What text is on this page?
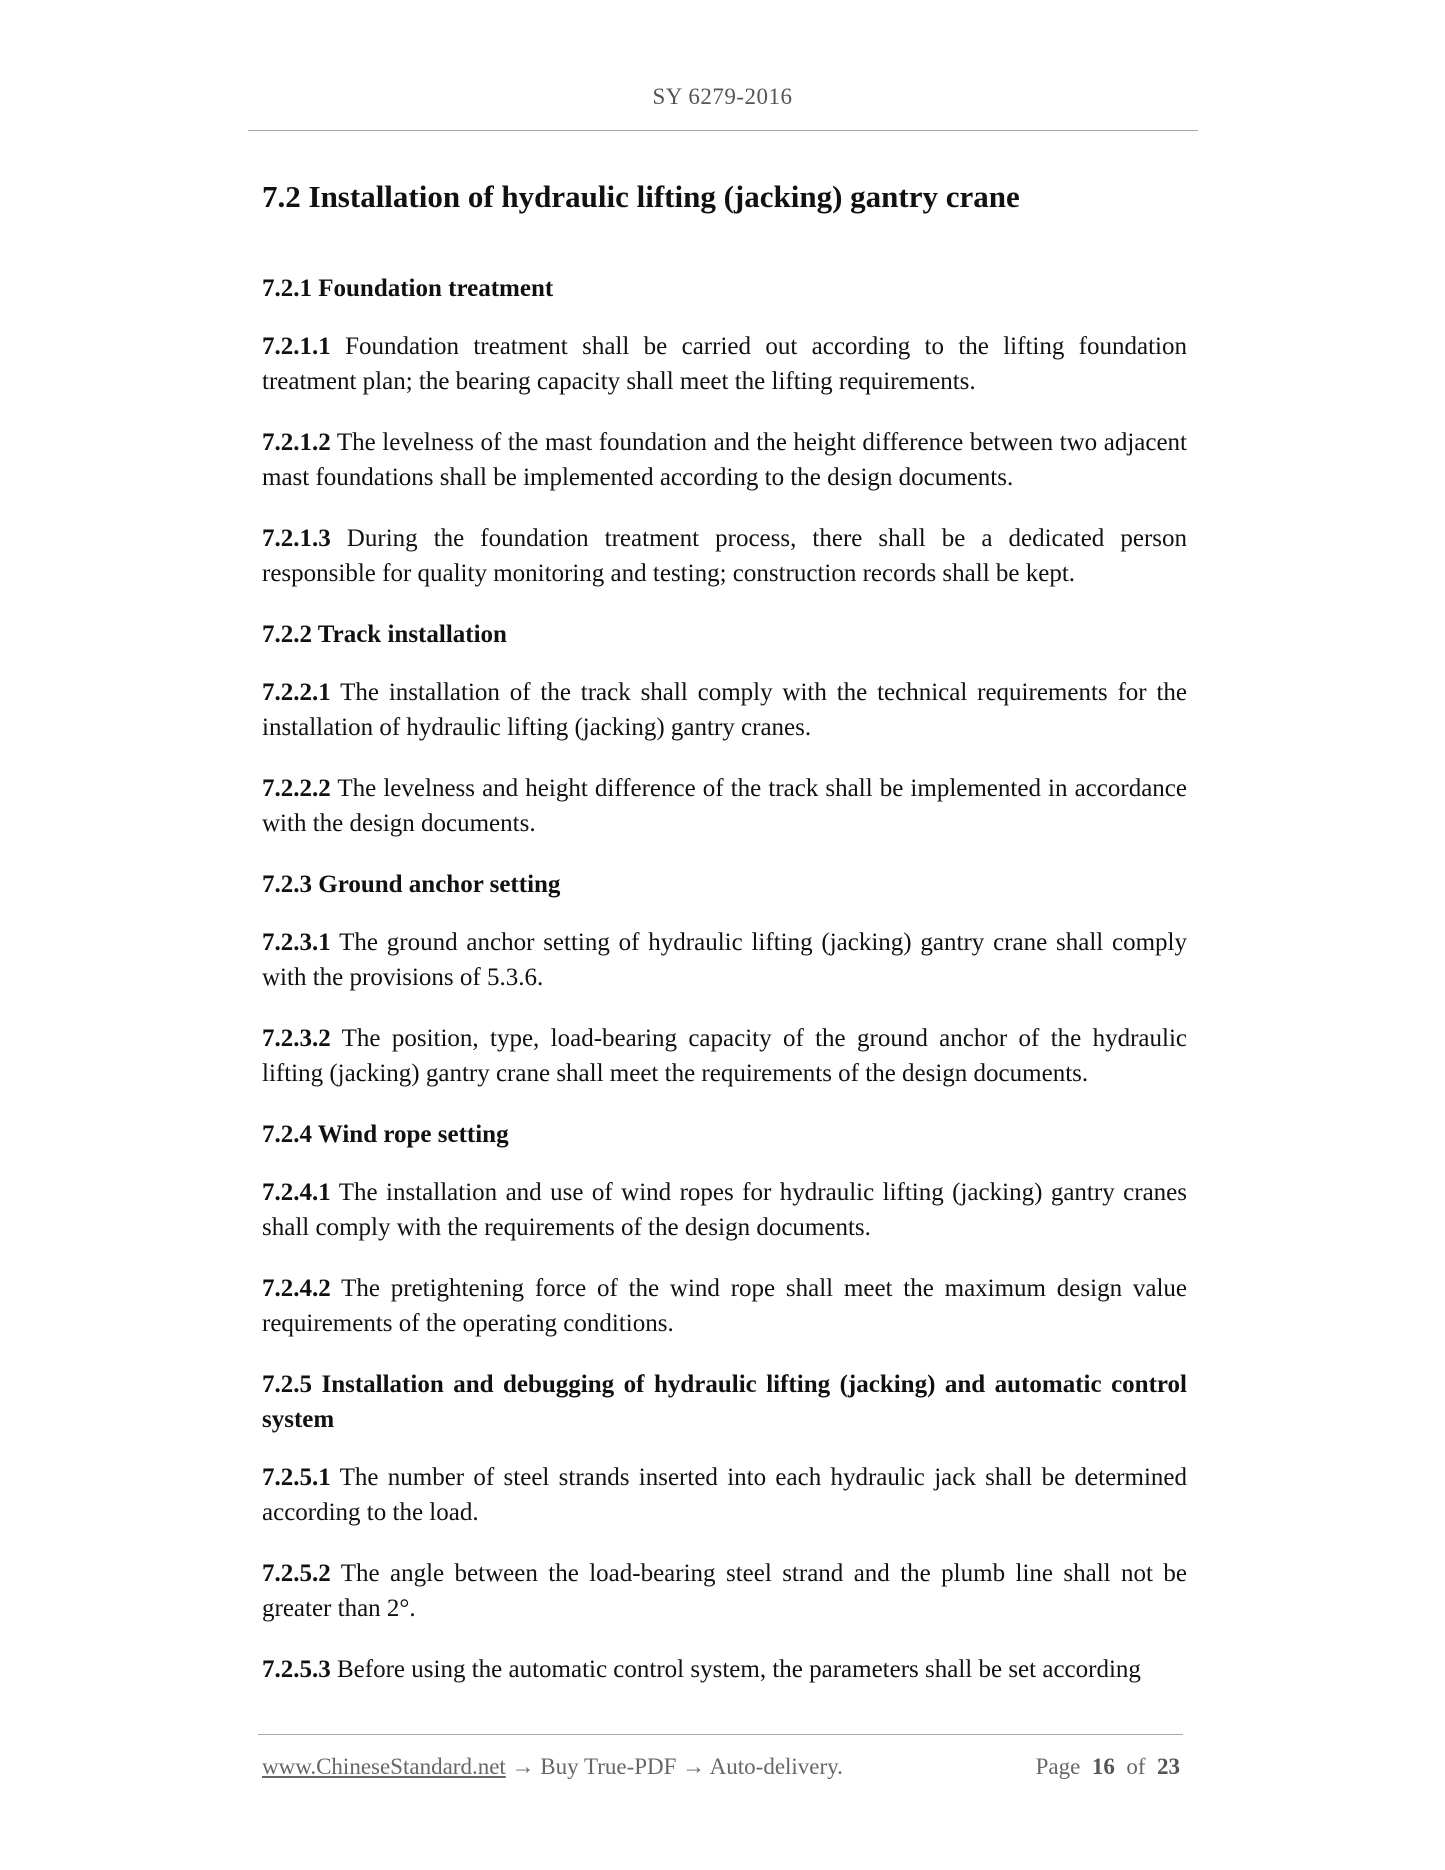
SY 6279-2016
7.2 Installation of hydraulic lifting (jacking) gantry crane
7.2.1 Foundation treatment
7.2.1.1 Foundation treatment shall be carried out according to the lifting foundation treatment plan; the bearing capacity shall meet the lifting requirements.
7.2.1.2 The levelness of the mast foundation and the height difference between two adjacent mast foundations shall be implemented according to the design documents.
7.2.1.3 During the foundation treatment process, there shall be a dedicated person responsible for quality monitoring and testing; construction records shall be kept.
7.2.2 Track installation
7.2.2.1 The installation of the track shall comply with the technical requirements for the installation of hydraulic lifting (jacking) gantry cranes.
7.2.2.2 The levelness and height difference of the track shall be implemented in accordance with the design documents.
7.2.3 Ground anchor setting
7.2.3.1 The ground anchor setting of hydraulic lifting (jacking) gantry crane shall comply with the provisions of 5.3.6.
7.2.3.2 The position, type, load-bearing capacity of the ground anchor of the hydraulic lifting (jacking) gantry crane shall meet the requirements of the design documents.
7.2.4 Wind rope setting
7.2.4.1 The installation and use of wind ropes for hydraulic lifting (jacking) gantry cranes shall comply with the requirements of the design documents.
7.2.4.2 The pretightening force of the wind rope shall meet the maximum design value requirements of the operating conditions.
7.2.5 Installation and debugging of hydraulic lifting (jacking) and automatic control system
7.2.5.1 The number of steel strands inserted into each hydraulic jack shall be determined according to the load.
7.2.5.2 The angle between the load-bearing steel strand and the plumb line shall not be greater than 2°.
7.2.5.3 Before using the automatic control system, the parameters shall be set according
www.ChineseStandard.net → Buy True-PDF → Auto-delivery.	Page 16 of 23
